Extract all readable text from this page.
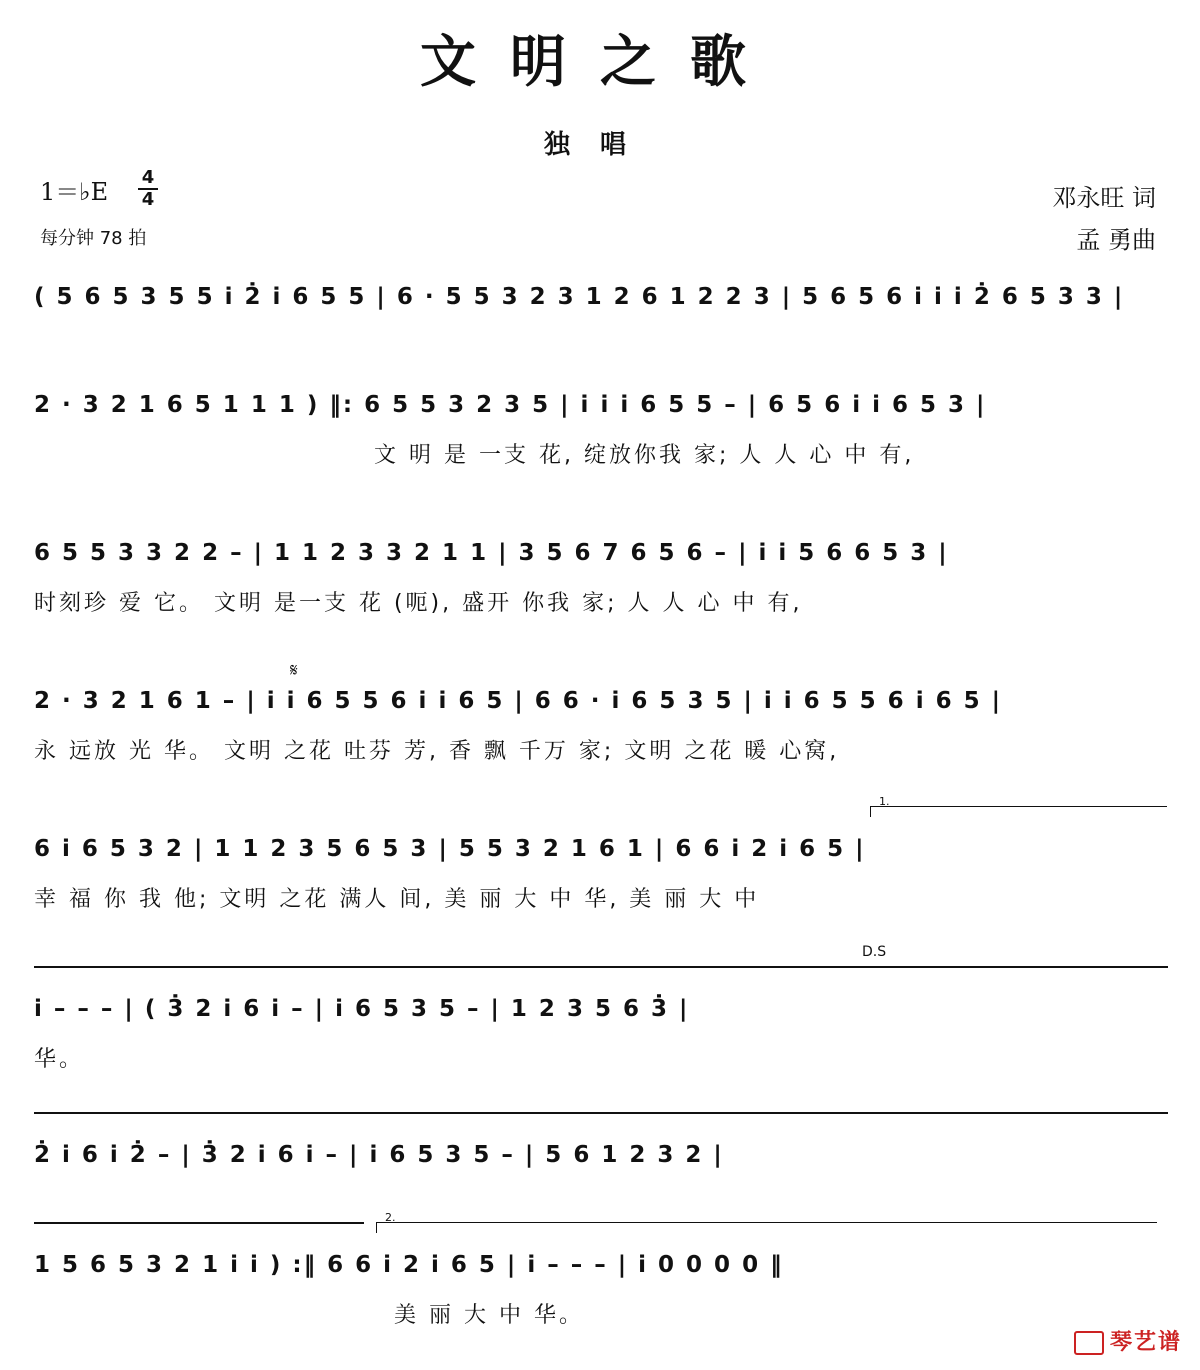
文明之歌
独唱
1＝♭E
4
4
每分钟 78 拍
邓永旺 词
孟 勇曲
( 5 6 5 3 5 5 i 2̇ i 6 5 5 | 6 · 5 5 3 2 3 1 2 6 1 2 2 3 | 5 6 5 6 i i i 2̇ 6 5 3 3 |
2 · 3 2 1 6 5 1 1 1 ) ‖: 6 5 5 3 2 3 5 | i i i 6 5 5 – | 6 5 6 i i 6 5 3 |
文 明 是 一支 花, 绽放你我 家; 人 人 心 中 有,
6 5 5 3 3 2 2 – | 1 1 2 3 3 2 1 1 | 3 5 6 7 6 5 6 – | i i 5 6 6 5 3 |
时刻珍 爱 它。 文明 是一支 花 (呃), 盛开 你我 家; 人 人 心 中 有,
𝄋
2 · 3 2 1 6 1 – | i i 6 5 5 6 i i 6 5 | 6 6 · i 6 5 3 5 | i i 6 5 5 6 i 6 5 |
永 远放 光 华。 文明 之花 吐芬 芳, 香 飘 千万 家; 文明 之花 暖 心窝,
1.
6 i 6 5 3 2 | 1 1 2 3 5 6 5 3 | 5 5 3 2 1 6 1 | 6 6 i 2 i 6 5 |
幸 福 你 我 他; 文明 之花 满人 间, 美 丽 大 中 华, 美 丽 大 中
D.S
i – – – | ( 3̇ 2 i 6 i – | i 6 5 3 5 – | 1 2 3 5 6 3̇ |
华。
2̇ i 6 i 2̇ – | 3̇ 2 i 6 i – | i 6 5 3 5 – | 5 6 1 2 3 2 |
2.
1 5 6 5 3 2 1 i i ) :‖ 6 6 i 2 i 6 5 | i – – – | i 0 0 0 0 ‖
美 丽 大 中 华。
琴艺谱
